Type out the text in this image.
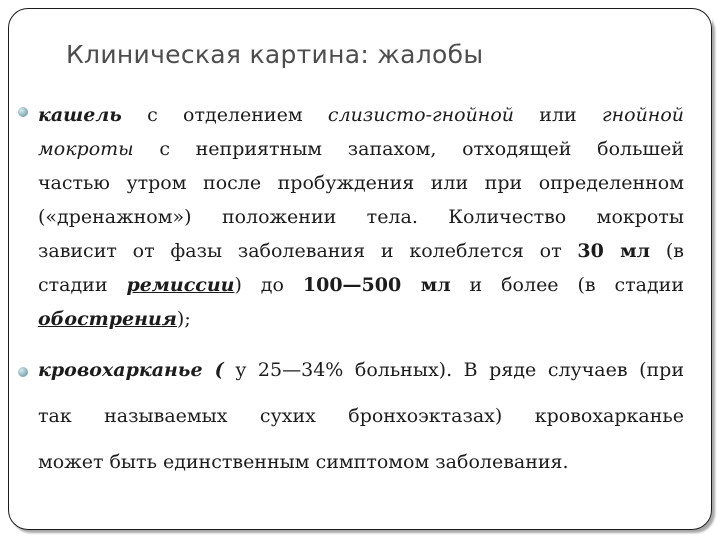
Клиническая картина: жалобы
кашель с отделением слизисто-гнойной или гнойной
мокроты с неприятным запахом, отходящей большей
частью утром после пробуждения или при определенном
(«дренажном») положении тела. Количество мокроты
зависит от фазы заболевания и колеблется от 30 мл (в
стадии ремиссии) до 100—500 мл и более (в стадии
обострения);
кровохарканье ( у 25—34% больных). В ряде случаев (при
так называемых сухих бронхоэктазах) кровохарканье
может быть единственным симптомом заболевания.
